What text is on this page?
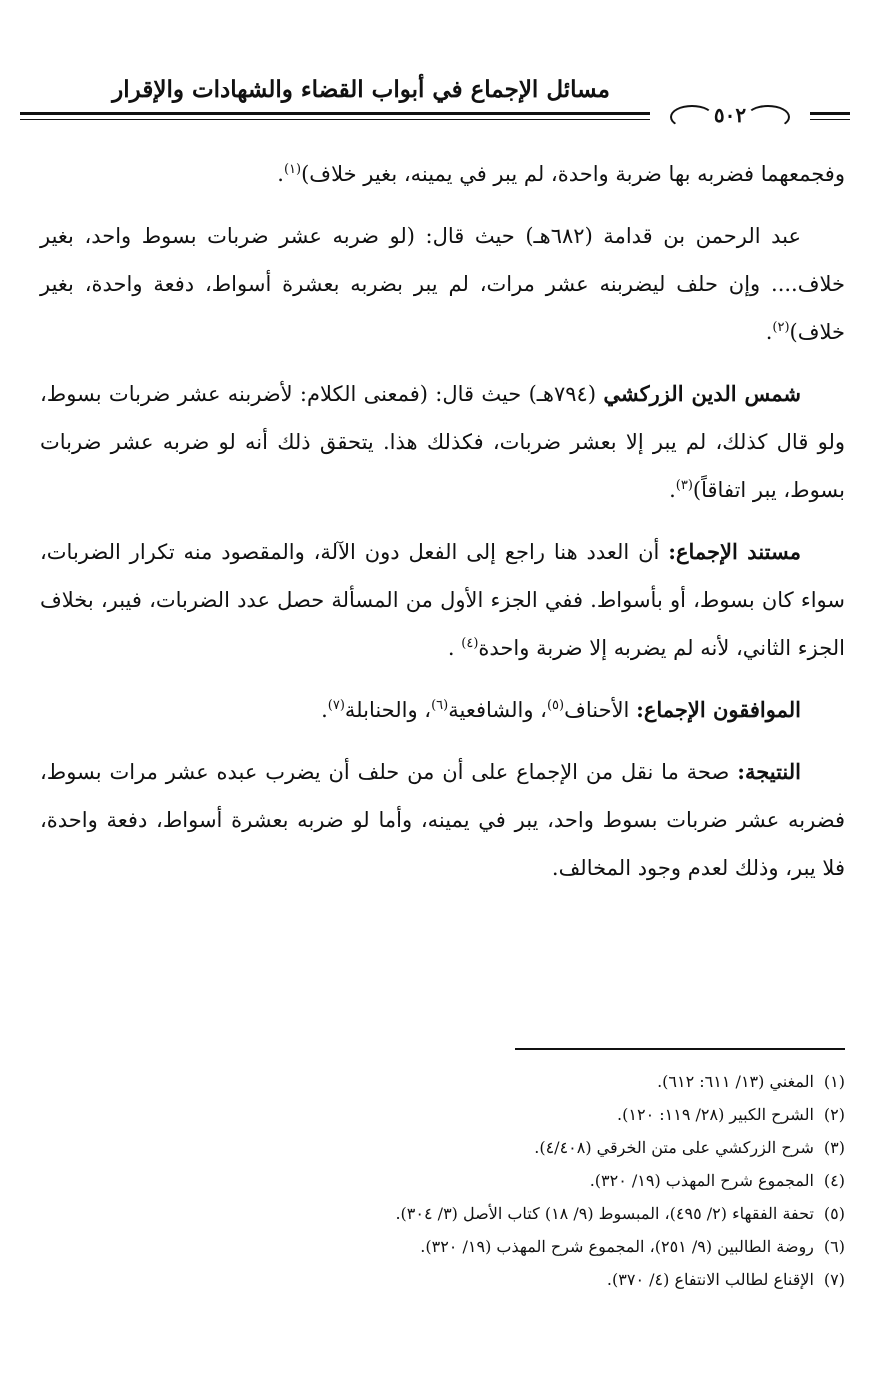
مسائل الإجماع في أبواب القضاء والشهادات والإقرار
٥٠٢

وفجمعهما فضربه بها ضربة واحدة، لم يبر في يمينه، بغير خلاف)$^{(١)}$.

عبد الرحمن بن قدامة (٦٨٢هـ) حيث قال: (لو ضربه عشر ضربات بسوط واحد، بغير خلاف.... وإن حلف ليضربنه عشر مرات، لم يبر بضربه بعشرة أسواط، دفعة واحدة، بغير خلاف)$^{(٢)}$.

شمس الدين الزركشي (٧٩٤هـ) حيث قال: (فمعنى الكلام: لأضربنه عشر ضربات بسوط، ولو قال كذلك، لم يبر إلا بعشر ضربات، فكذلك هذا. يتحقق ذلك أنه لو ضربه عشر ضربات بسوط، يبر اتفاقاً)$^{(٣)}$.

مستند الإجماع: أن العدد هنا راجع إلى الفعل دون الآلة، والمقصود منه تكرار الضربات، سواء كان بسوط، أو بأسواط. ففي الجزء الأول من المسألة حصل عدد الضربات، فيبر، بخلاف الجزء الثاني، لأنه لم يضربه إلا ضربة واحدة$^{(٤)}$ .

الموافقون الإجماع: الأحناف$^{(٥)}$، والشافعية$^{(٦)}$، والحنابلة$^{(٧)}$.

النتيجة: صحة ما نقل من الإجماع على أن من حلف أن يضرب عبده عشر مرات بسوط، فضربه عشر ضربات بسوط واحد، يبر في يمينه، وأما لو ضربه بعشرة أسواط، دفعة واحدة، فلا يبر، وذلك لعدم وجود المخالف.

(١)
المغني (١٣/ ٦١١: ٦١٢).
(٢)
الشرح الكبير (٢٨/ ١١٩: ١٢٠).
(٣)
شرح الزركشي على متن الخرقي (٤/٤٠٨).
(٤)
المجموع شرح المهذب (١٩/ ٣٢٠).
(٥)
تحفة الفقهاء (٢/ ٤٩٥)، المبسوط (٩/ ١٨) كتاب الأصل (٣/ ٣٠٤).
(٦)
روضة الطالبين (٩/ ٢٥١)، المجموع شرح المهذب (١٩/ ٣٢٠).
(٧)
الإقناع لطالب الانتفاع (٤/ ٣٧٠).
